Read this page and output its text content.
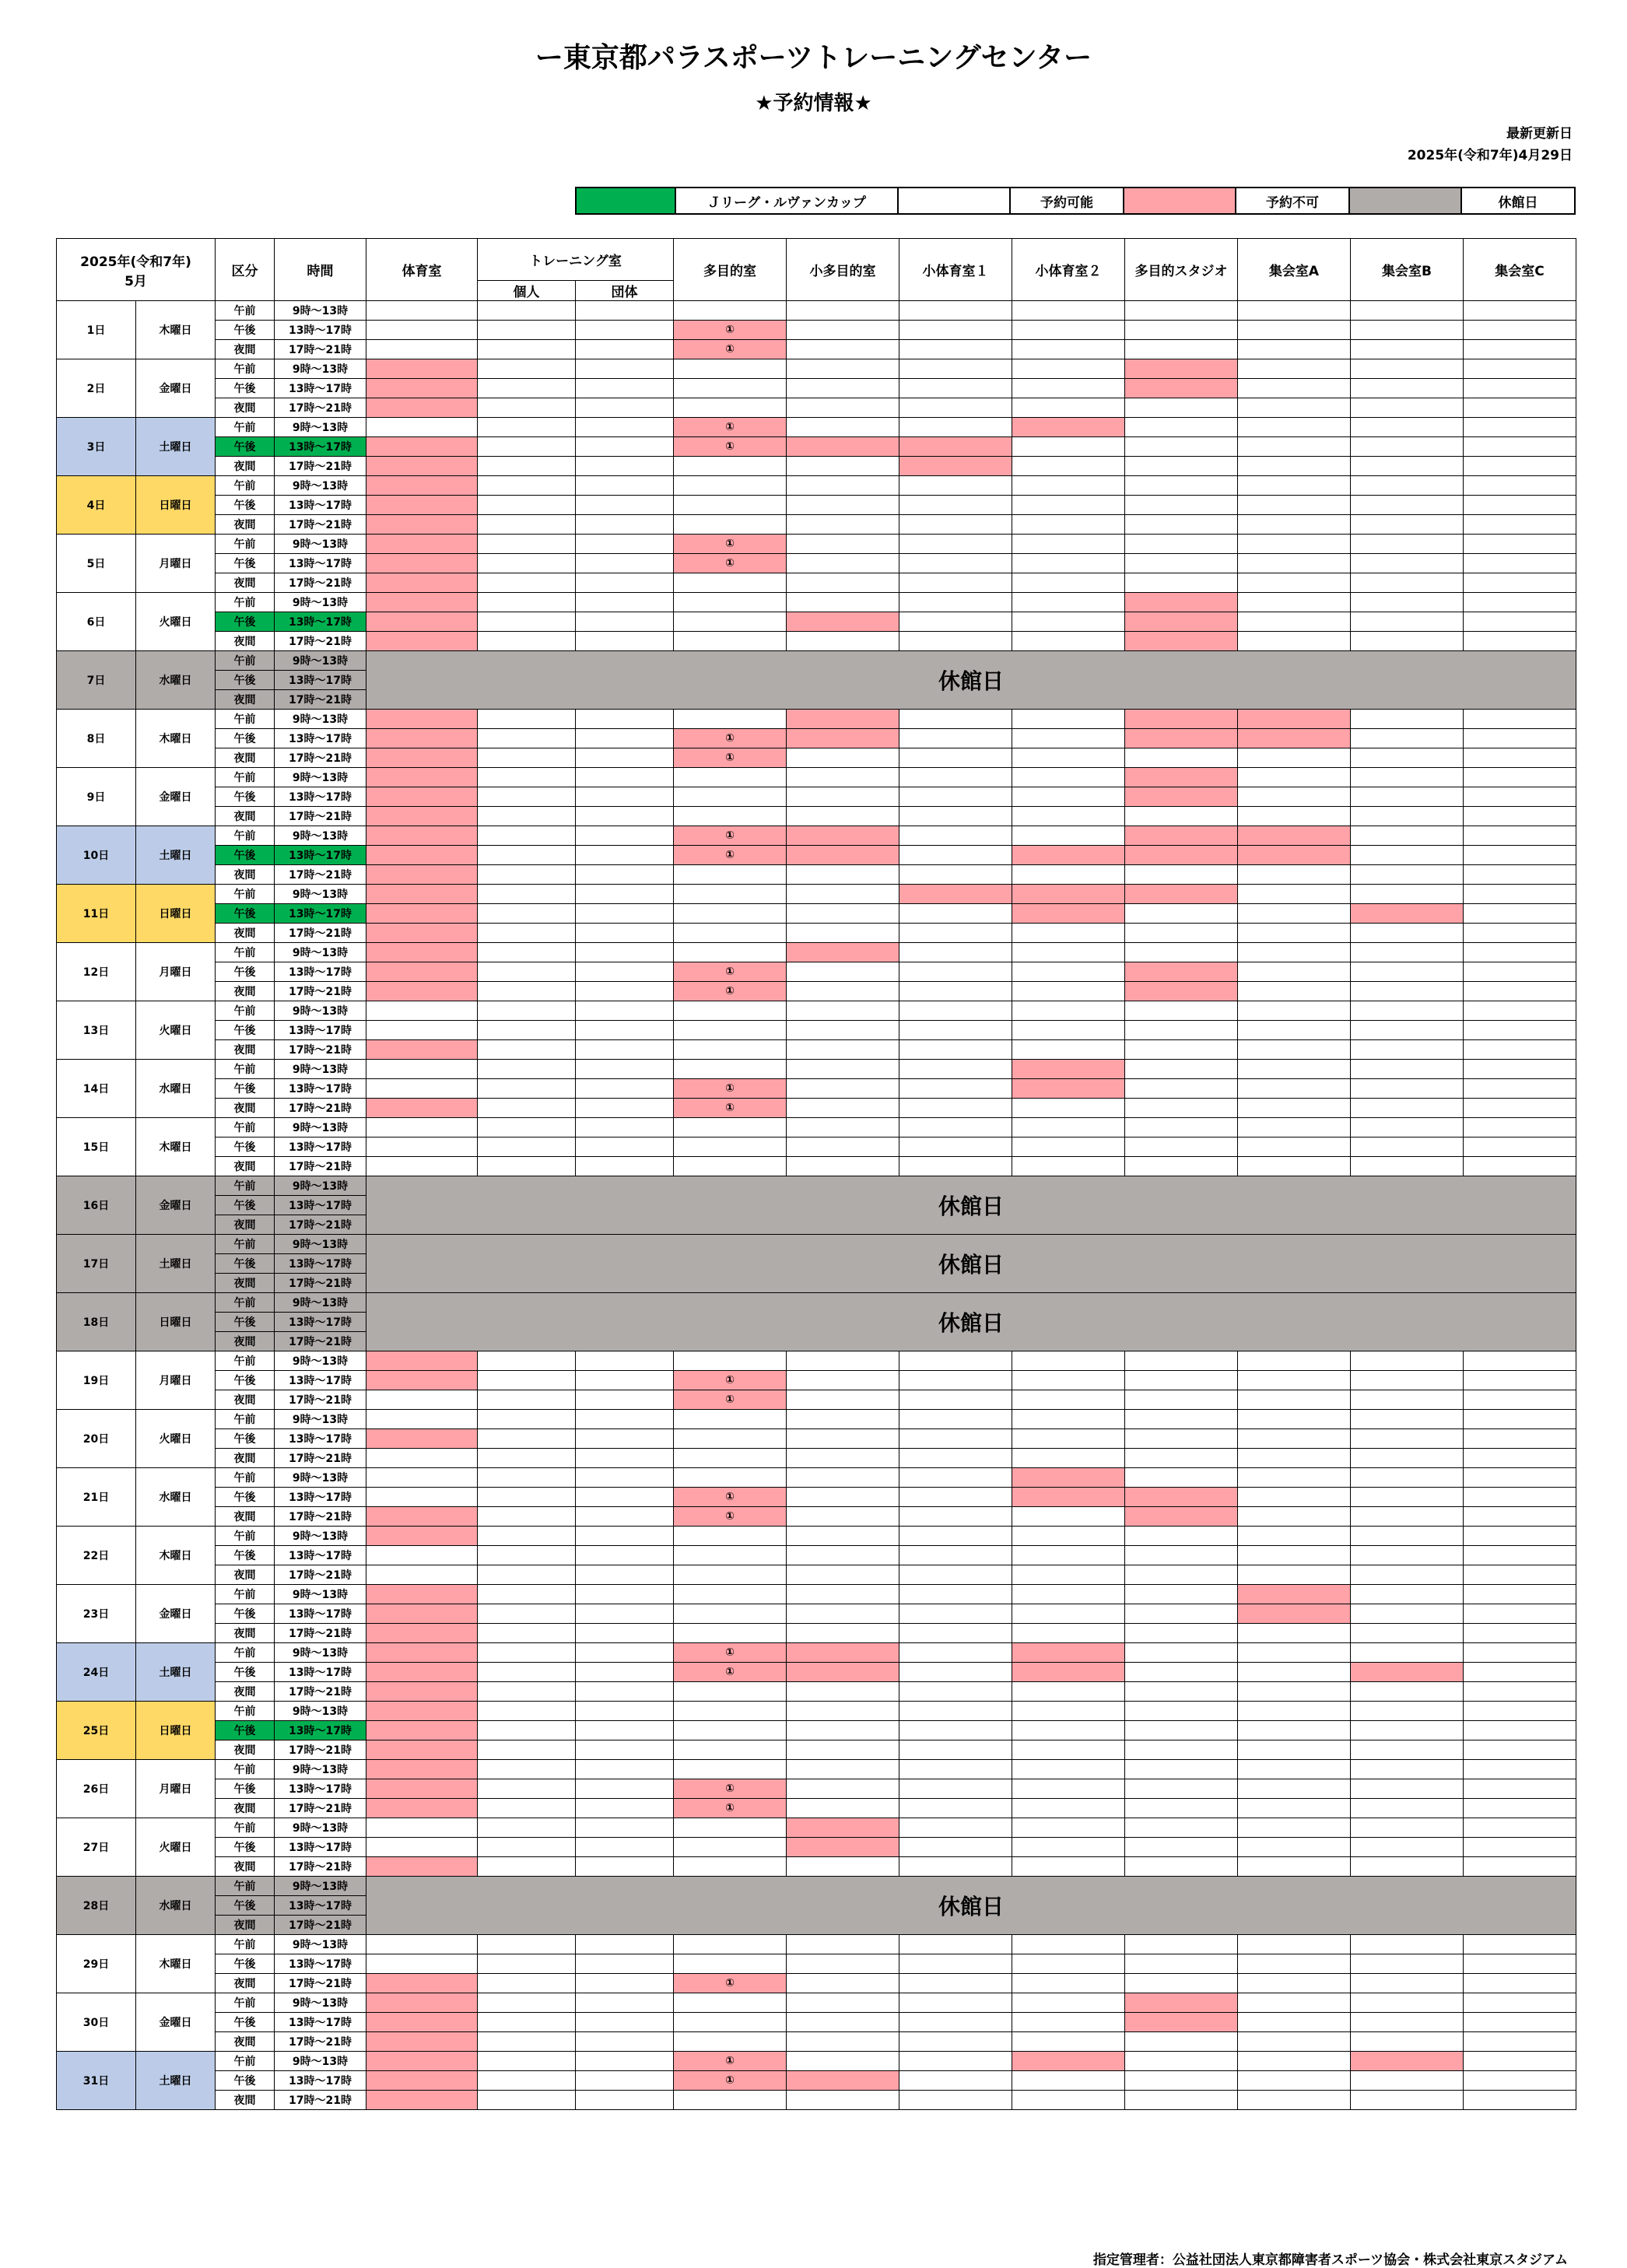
ー東京都パラスポーツトレーニングセンター
★予約情報★
最新更新日
2025年(令和7年)4月29日
Ｊリーグ・ルヴァンカップ	予約可能	予約不可	休館日
2025年(令和7年)
5月		区分	時間	体育室	トレーニング室		多目的室	小多目的室	小体育室１	小体育室２	多目的スタジオ	集会室A	集会室B	集会室C
					個人	団体								
1日	木曜日	午前	9時～13時											
		午後	13時～17時				①							
		夜間	17時～21時				①							
2日	金曜日	午前	9時～13時											
		午後	13時～17時											
		夜間	17時～21時											
3日	土曜日	午前	9時～13時				①							
		午後	13時～17時				①							
		夜間	17時～21時											
4日	日曜日	午前	9時～13時											
		午後	13時～17時											
		夜間	17時～21時											
5日	月曜日	午前	9時～13時				①							
		午後	13時～17時				①							
		夜間	17時～21時											
6日	火曜日	午前	9時～13時											
		午後	13時～17時											
		夜間	17時～21時											
7日	水曜日	午前	9時～13時	休館日										
		午後	13時～17時											
		夜間	17時～21時											
8日	木曜日	午前	9時～13時											
		午後	13時～17時				①							
		夜間	17時～21時				①							
9日	金曜日	午前	9時～13時											
		午後	13時～17時											
		夜間	17時～21時											
10日	土曜日	午前	9時～13時				①							
		午後	13時～17時				①							
		夜間	17時～21時											
11日	日曜日	午前	9時～13時											
		午後	13時～17時											
		夜間	17時～21時											
12日	月曜日	午前	9時～13時											
		午後	13時～17時				①							
		夜間	17時～21時				①							
13日	火曜日	午前	9時～13時											
		午後	13時～17時											
		夜間	17時～21時											
14日	水曜日	午前	9時～13時											
		午後	13時～17時				①							
		夜間	17時～21時				①							
15日	木曜日	午前	9時～13時											
		午後	13時～17時											
		夜間	17時～21時											
16日	金曜日	午前	9時～13時	休館日										
		午後	13時～17時											
		夜間	17時～21時											
17日	土曜日	午前	9時～13時	休館日										
		午後	13時～17時											
		夜間	17時～21時											
18日	日曜日	午前	9時～13時	休館日										
		午後	13時～17時											
		夜間	17時～21時											
19日	月曜日	午前	9時～13時											
		午後	13時～17時				①							
		夜間	17時～21時				①							
20日	火曜日	午前	9時～13時											
		午後	13時～17時											
		夜間	17時～21時											
21日	水曜日	午前	9時～13時											
		午後	13時～17時				①							
		夜間	17時～21時				①							
22日	木曜日	午前	9時～13時											
		午後	13時～17時											
		夜間	17時～21時											
23日	金曜日	午前	9時～13時											
		午後	13時～17時											
		夜間	17時～21時											
24日	土曜日	午前	9時～13時				①							
		午後	13時～17時				①							
		夜間	17時～21時											
25日	日曜日	午前	9時～13時											
		午後	13時～17時											
		夜間	17時～21時											
26日	月曜日	午前	9時～13時											
		午後	13時～17時				①							
		夜間	17時～21時				①							
27日	火曜日	午前	9時～13時											
		午後	13時～17時											
		夜間	17時～21時											
28日	水曜日	午前	9時～13時	休館日										
		午後	13時～17時											
		夜間	17時～21時											
29日	木曜日	午前	9時～13時											
		午後	13時～17時											
		夜間	17時～21時				①							
30日	金曜日	午前	9時～13時											
		午後	13時～17時											
		夜間	17時～21時											
31日	土曜日	午前	9時～13時				①							
		午後	13時～17時				①							
		夜間	17時～21時											
指定管理者：公益社団法人東京都障害者スポーツ協会・株式会社東京スタジアム
